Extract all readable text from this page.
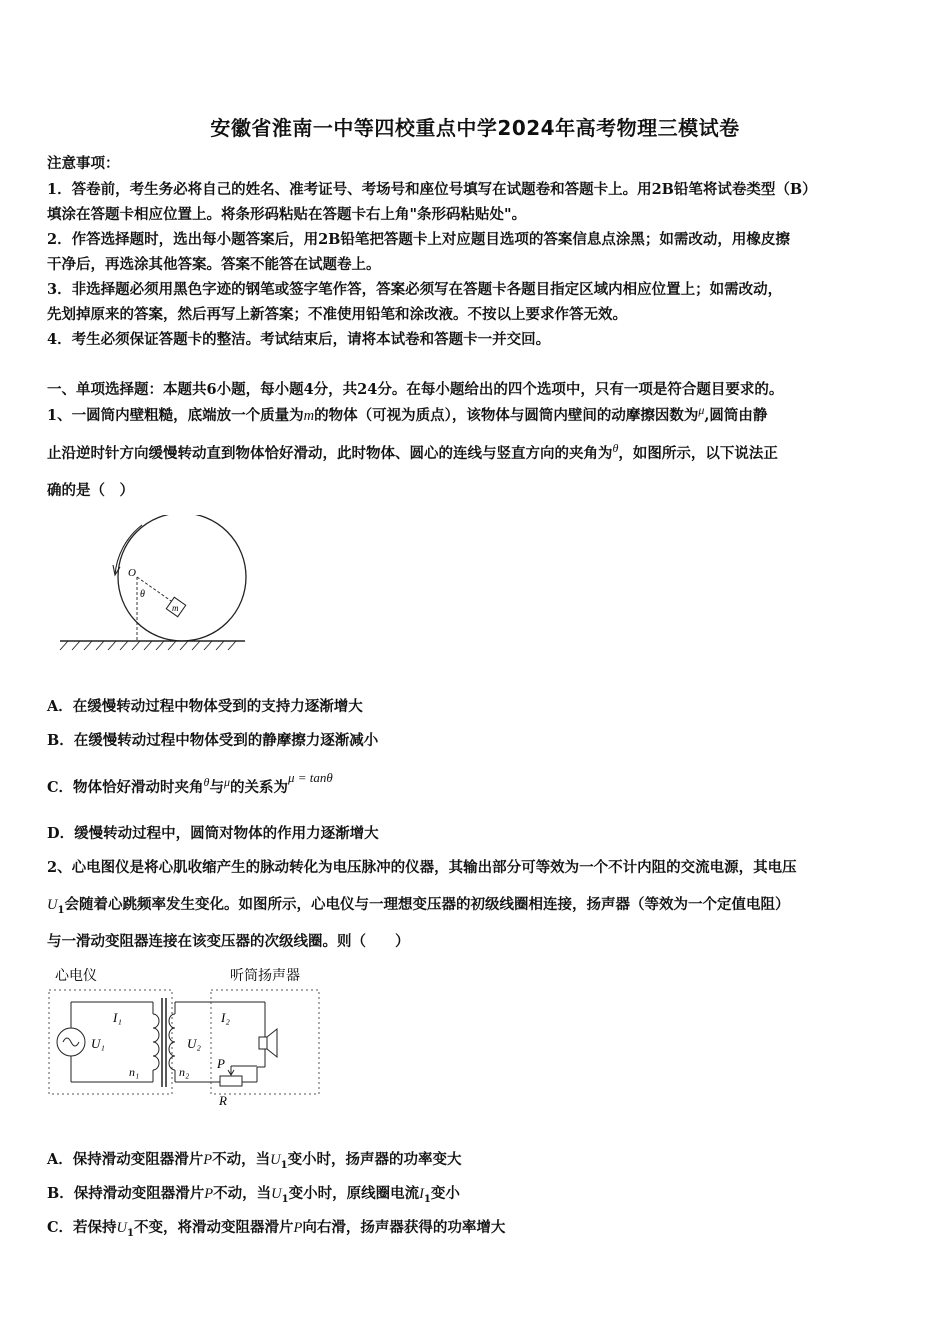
安徽省淮南一中等四校重点中学2024年高考物理三模试卷
注意事项：
1．答卷前，考生务必将自己的姓名、准考证号、考场号和座位号填写在试题卷和答题卡上。用2B铅笔将试卷类型（B）
填涂在答题卡相应位置上。将条形码粘贴在答题卡右上角"条形码粘贴处"。
2．作答选择题时，选出每小题答案后，用2B铅笔把答题卡上对应题目选项的答案信息点涂黑；如需改动，用橡皮擦
干净后，再选涂其他答案。答案不能答在试题卷上。
3．非选择题必须用黑色字迹的钢笔或签字笔作答，答案必须写在答题卡各题目指定区域内相应位置上；如需改动，
先划掉原来的答案，然后再写上新答案；不准使用铅笔和涂改液。不按以上要求作答无效。
4．考生必须保证答题卡的整洁。考试结束后，请将本试卷和答题卡一并交回。
一、单项选择题：本题共6小题，每小题4分，共24分。在每小题给出的四个选项中，只有一项是符合题目要求的。
1、一圆筒内壁粗糙，底端放一个质量为m的物体（可视为质点），该物体与圆筒内壁间的动摩擦因数为$^\mu$,圆筒由静
止沿逆时针方向缓慢转动直到物体恰好滑动，此时物体、圆心的连线与竖直方向的夹角为$^\theta$，如图所示，以下说法正
确的是（　）
O
θ
m
A．在缓慢转动过程中物体受到的支持力逐渐增大
B．在缓慢转动过程中物体受到的静摩擦力逐渐减小
C．物体恰好滑动时夹角$^\theta$与$^\mu$的关系为μ = tanθ
D．缓慢转动过程中，圆筒对物体的作用力逐渐增大
2、心电图仪是将心肌收缩产生的脉动转化为电压脉冲的仪器，其输出部分可等效为一个不计内阻的交流电源，其电压
$U_1$会随着心跳频率发生变化。如图所示，心电仪与一理想变压器的初级线圈相连接，扬声器（等效为一个定值电阻）
与一滑动变阻器连接在该变压器的次级线圈。则（　　）
心电仪	听筒扬声器
I₁
U₁
n₁
U₂
n₂
I₂
P
R
A．保持滑动变阻器滑片P不动，当$U_1$变小时，扬声器的功率变大
B．保持滑动变阻器滑片P不动，当$U_1$变小时，原线圈电流$I_1$变小
C．若保持$U_1$不变，将滑动变阻器滑片P向右滑，扬声器获得的功率增大
